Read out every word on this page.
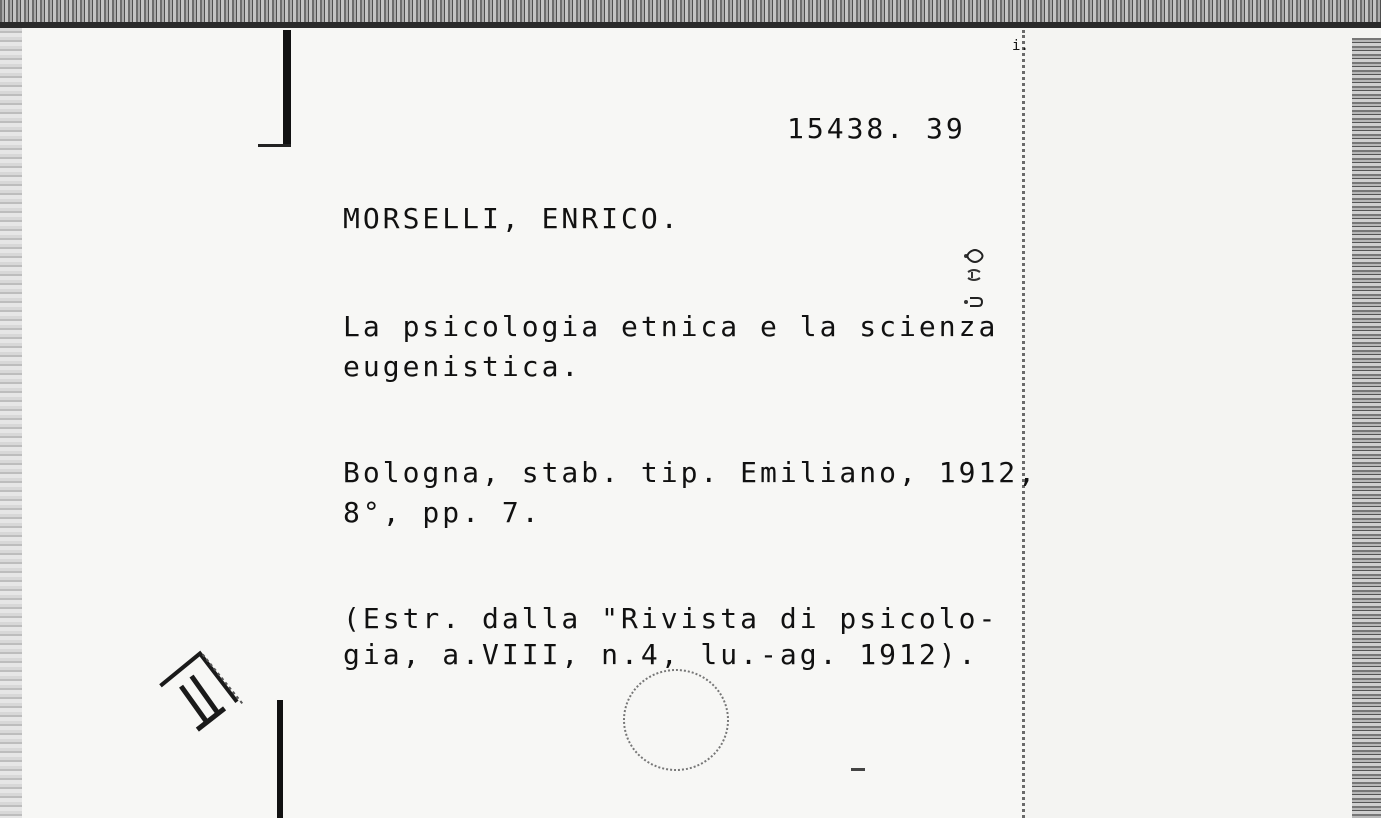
i.
15438. 39

MORSELLI, ENRICO.

La psicologia etnica e la scienza

eugenistica.

Bologna, stab. tip. Emiliano, 1912,

8°, pp. 7.

(Estr. dalla "Rivista di psicolo-

gia, a.VIII, n.4, lu.-ag. 1912).
